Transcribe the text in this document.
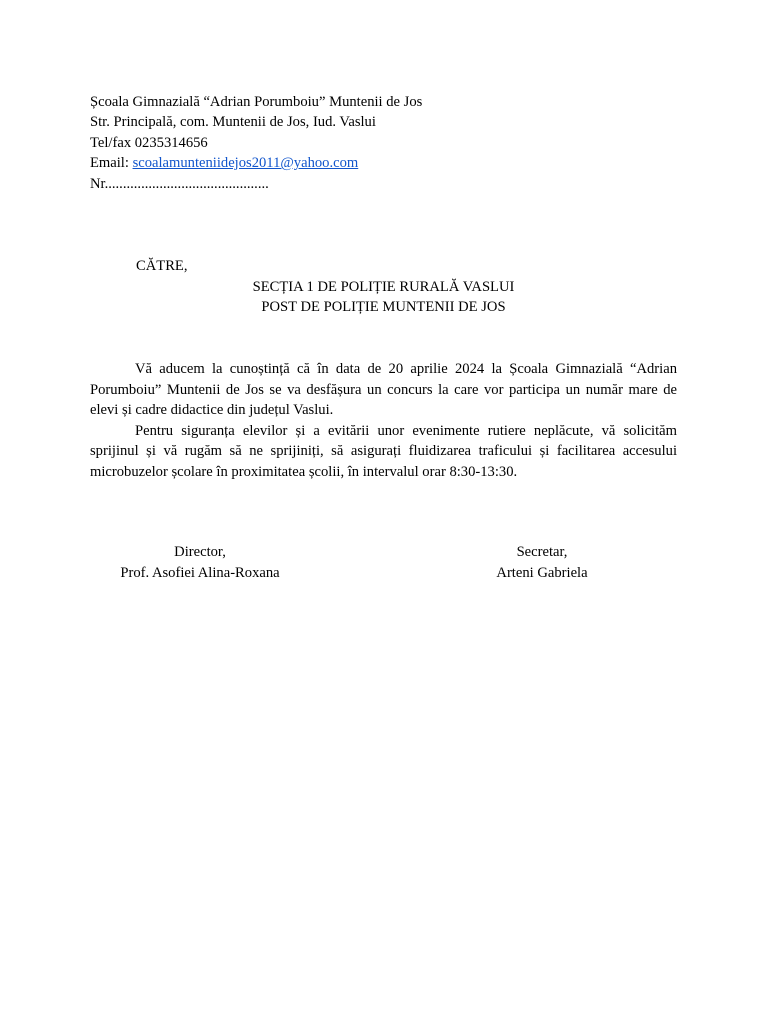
Școala Gimnazială “Adrian Porumboiu” Muntenii de Jos
Str. Principală, com. Muntenii de Jos, Iud. Vaslui
Tel/fax 0235314656
Email: scoalamunteniidejos2011@yahoo.com
Nr.............................................
CĂTRE,
SECȚIA 1 DE POLIȚIE RURALĂ VASLUI
POST DE POLIȚIE MUNTENII DE JOS

Vă aducem la cunoștință că în data de 20 aprilie 2024 la Școala Gimnazială “Adrian Porumboiu” Muntenii de Jos se va desfășura un concurs la care vor participa un număr mare de elevi și cadre didactice din județul Vaslui.

Pentru siguranța elevilor și a evitării unor evenimente rutiere neplăcute, vă solicităm sprijinul și vă rugăm să ne sprijiniți, să asigurați fluidizarea traficului și facilitarea accesului microbuzelor școlare în proximitatea școlii, în intervalul orar 8:30-13:30.

Director,
Prof. Asofiei Alina-Roxana
Secretar,
Arteni Gabriela
